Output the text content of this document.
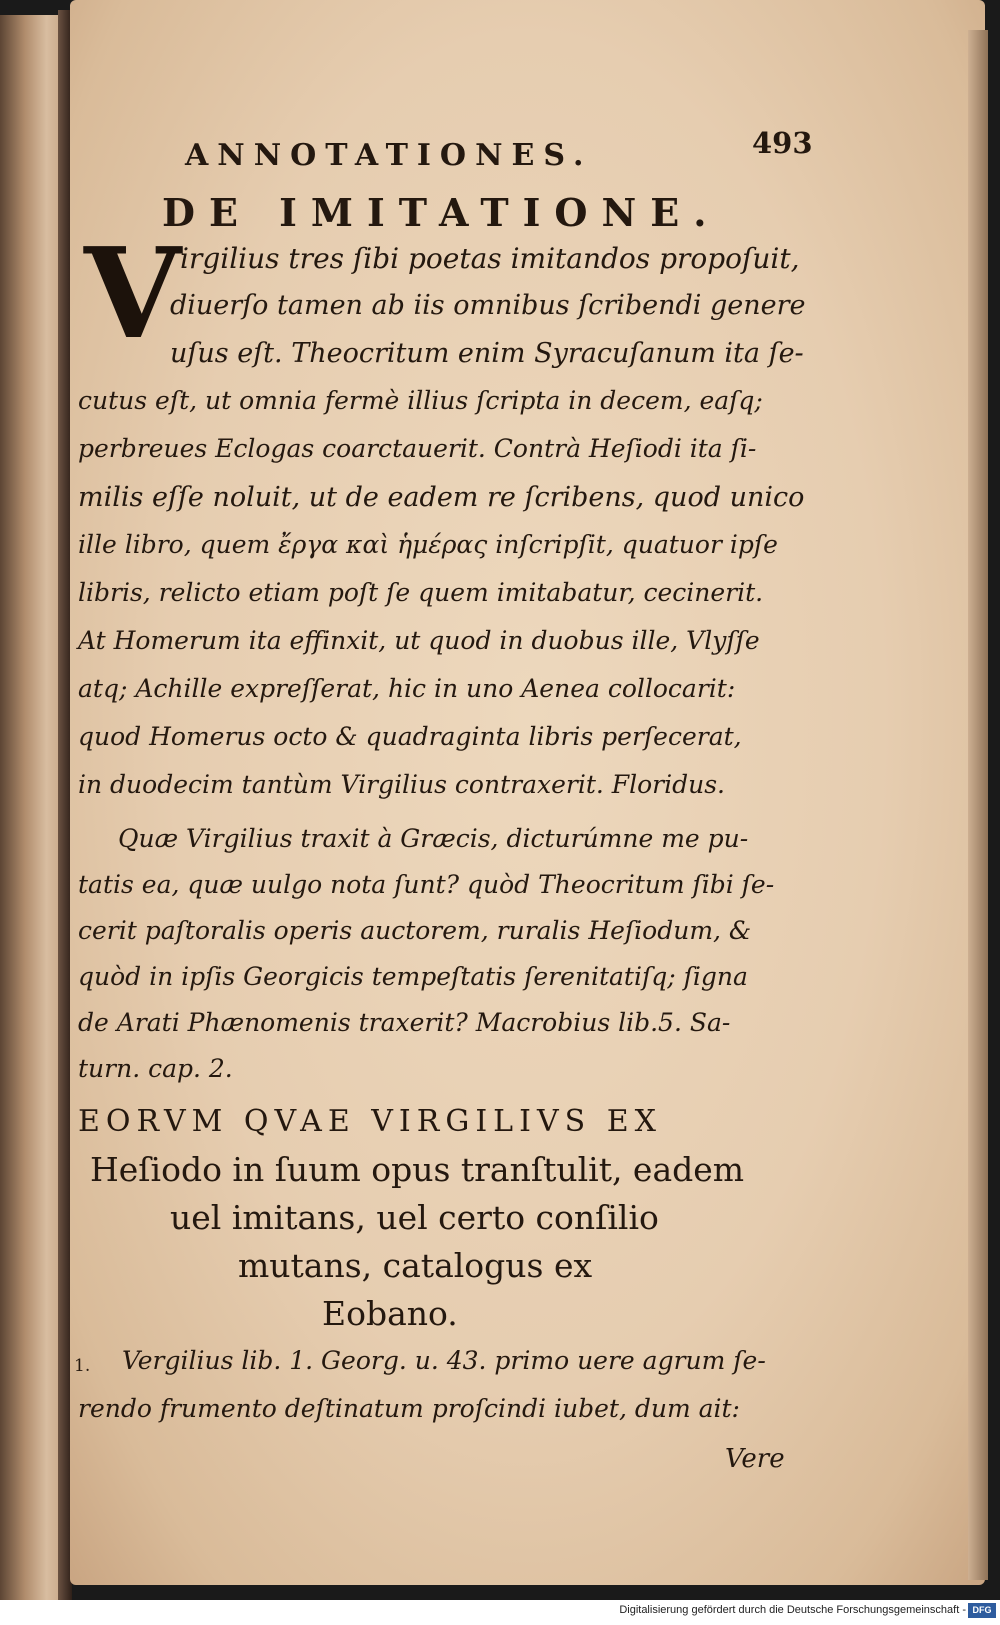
ANNOTATIONES.	493
DE IMITATIONE.
V irgilius tres ſibi poetas imitandos propoſuit,
diuerſo tamen ab iis omnibus ſcribendi genere
uſus eſt. Theocritum enim Syracuſanum ita ſe-
cutus eſt, ut omnia fermè illius ſcripta in decem, eaſq;
perbreues Eclogas coarctauerit. Contrà Heſiodi ita ſi-
milis eſſe noluit, ut de eadem re ſcribens, quod unico
ille libro, quem ἔργα καὶ ἡμέρας inſcripſit, quatuor ipſe
libris, relicto etiam poſt ſe quem imitabatur, cecinerit.
At Homerum ita effinxit, ut quod in duobus ille, Vlyſſe
atq; Achille expreſſerat, hic in uno Aenea collocarit:
quod Homerus octo & quadraginta libris perſecerat,
in duodecim tantùm Virgilius contraxerit. Floridus.
Quæ Virgilius traxit à Græcis, dicturúmne me pu-
tatis ea, quæ uulgo nota ſunt? quòd Theocritum ſibi ſe-
cerit paſtoralis operis auctorem, ruralis Heſiodum, &
quòd in ipſis Georgicis tempeſtatis ſerenitatiſq; ſigna
de Arati Phænomenis traxerit? Macrobius lib.5. Sa-
turn. cap. 2.
EORVM QVAE VIRGILIVS EX
Heſiodo in ſuum opus tranſtulit, eadem
uel imitans, uel certo conſilio
mutans, catalogus ex
Eobano.
1. Vergilius lib. 1. Georg. u. 43. primo uere agrum ſe-
rendo frumento deſtinatum proſcindi iubet, dum ait:
Vere
Digitalisierung gefördert durch die Deutsche Forschungsgemeinschaft - DFG
